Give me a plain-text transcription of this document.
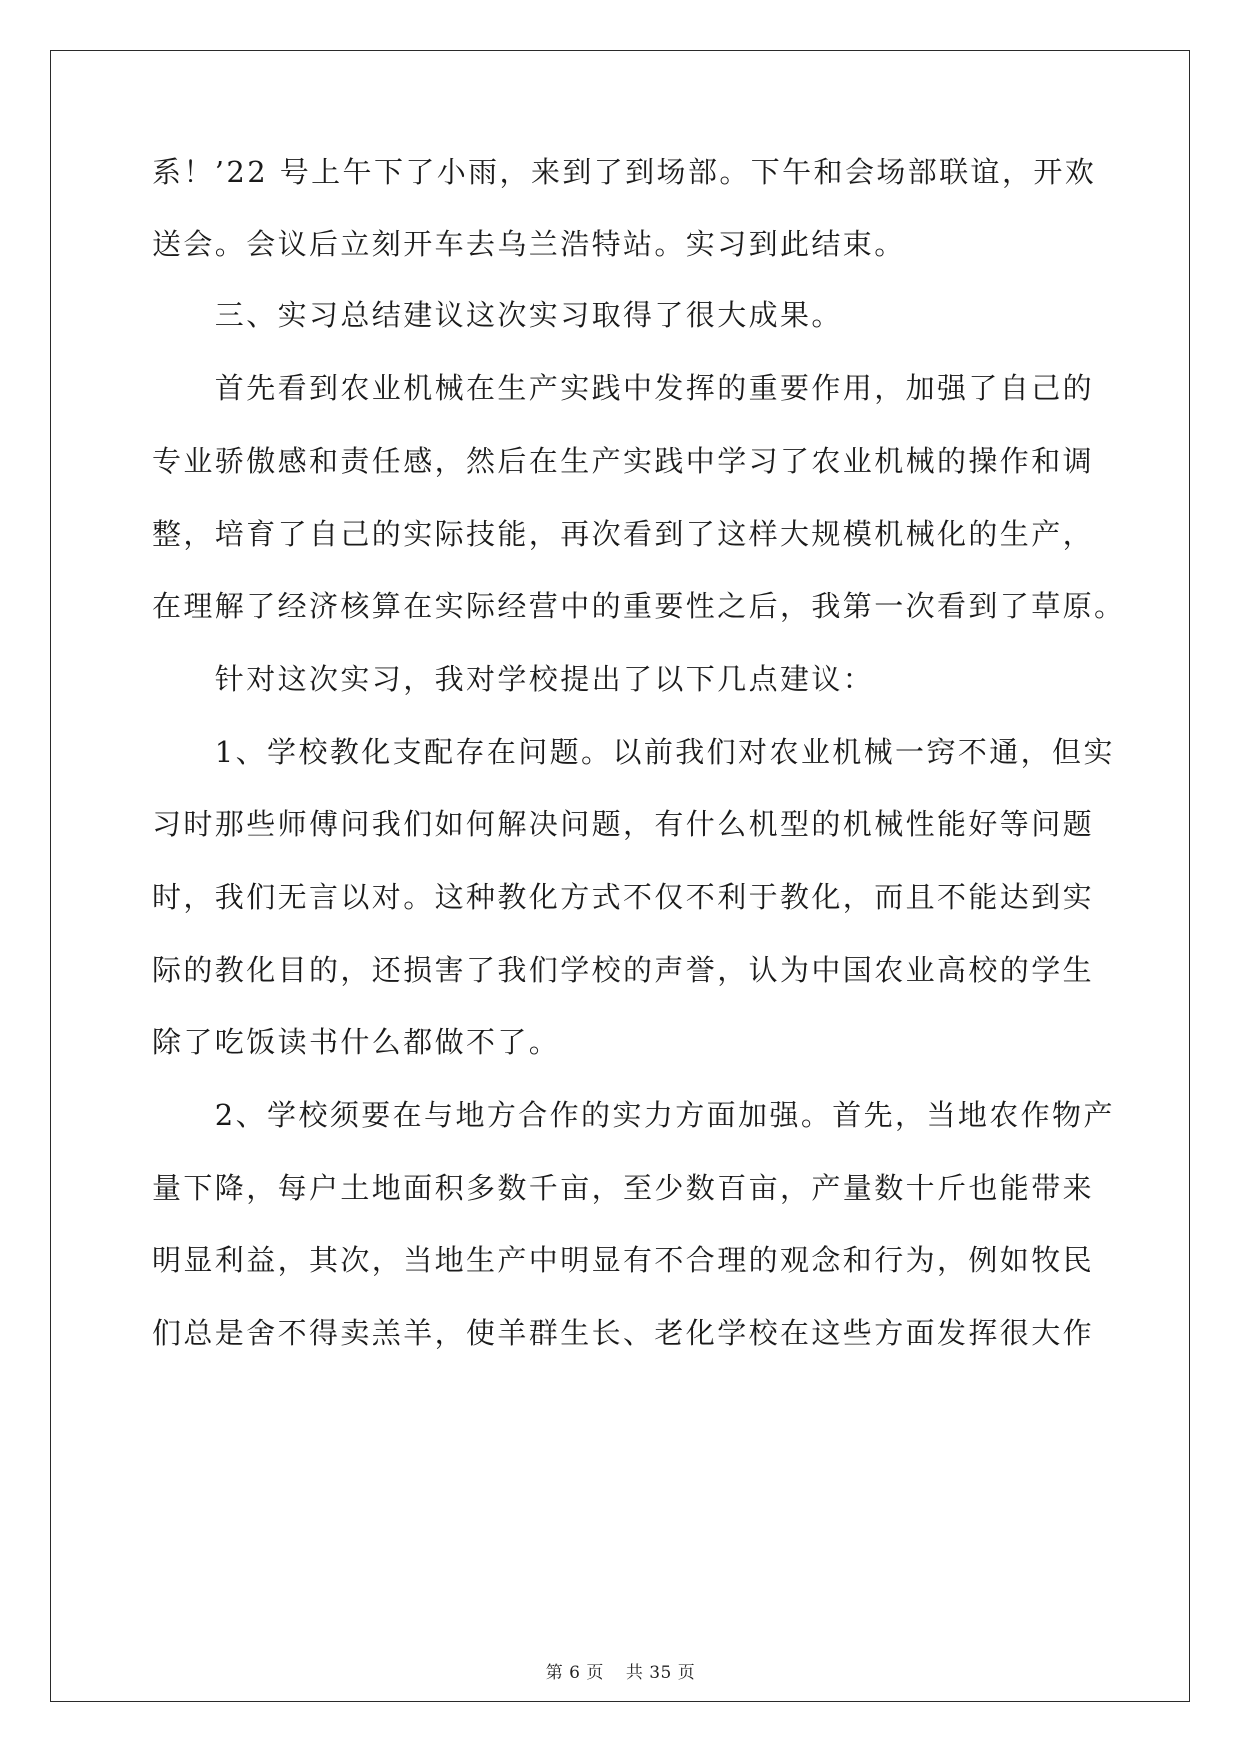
系！’22 号上午下了小雨，来到了到场部。下午和会场部联谊，开欢
送会。会议后立刻开车去乌兰浩特站。实习到此结束。
　　三、实习总结建议这次实习取得了很大成果。
　　首先看到农业机械在生产实践中发挥的重要作用，加强了自己的
专业骄傲感和责任感，然后在生产实践中学习了农业机械的操作和调
整，培育了自己的实际技能，再次看到了这样大规模机械化的生产，
在理解了经济核算在实际经营中的重要性之后，我第一次看到了草原。
　　针对这次实习，我对学校提出了以下几点建议：
　　1、学校教化支配存在问题。以前我们对农业机械一窍不通，但实
习时那些师傅问我们如何解决问题，有什么机型的机械性能好等问题
时，我们无言以对。这种教化方式不仅不利于教化，而且不能达到实
际的教化目的，还损害了我们学校的声誉，认为中国农业高校的学生
除了吃饭读书什么都做不了。
　　2、学校须要在与地方合作的实力方面加强。首先，当地农作物产
量下降，每户土地面积多数千亩，至少数百亩，产量数十斤也能带来
明显利益，其次，当地生产中明显有不合理的观念和行为，例如牧民
们总是舍不得卖羔羊，使羊群生长、老化学校在这些方面发挥很大作
第 6 页 共 35 页
